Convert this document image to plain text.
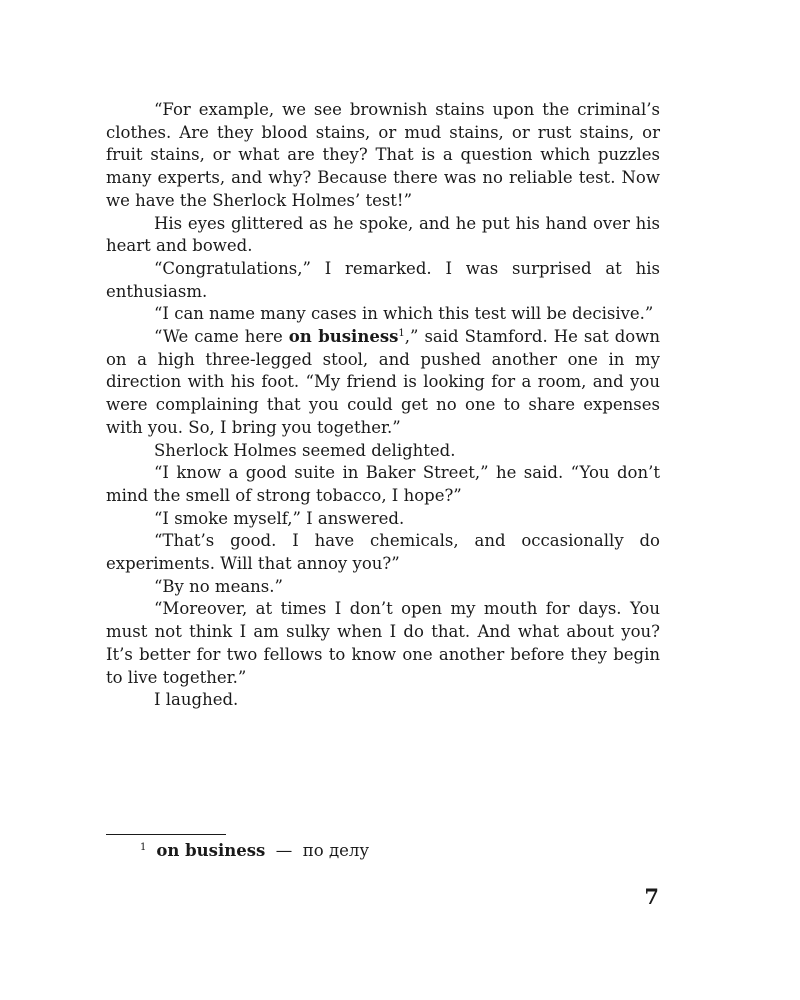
“For example, we see brownish stains upon the criminal’s clothes. Are they blood stains, or mud stains, or rust stains, or fruit stains, or what are they? That is a question which puzzles many experts, and why? Because there was no reliable test. Now we have the Sherlock Holmes’ test!”

His eyes glittered as he spoke, and he put his hand over his heart and bowed.

“Congratulations,” I remarked. I was surprised at his enthusiasm.

“I can name many cases in which this test will be decisive.”

“We came here on business$^1$,” said Stamford. He sat down on a high three-legged stool, and pushed another one in my direction with his foot. “My friend is looking for a room, and you were complaining that you could get no one to share expenses with you. So, I bring you together.”

Sherlock Holmes seemed delighted.

“I know a good suite in Baker Street,” he said. “You don’t mind the smell of strong tobacco, I hope?”

“I smoke myself,” I answered.

“That’s good. I have chemicals, and occasionally do experiments. Will that annoy you?”

“By no means.”

“Moreover, at times I don’t open my mouth for days. You must not think I am sulky when I do that. And what about you? It’s better for two fellows to know one another before they begin to live together.”

I laughed.

$^1$ on business — по делу
7
